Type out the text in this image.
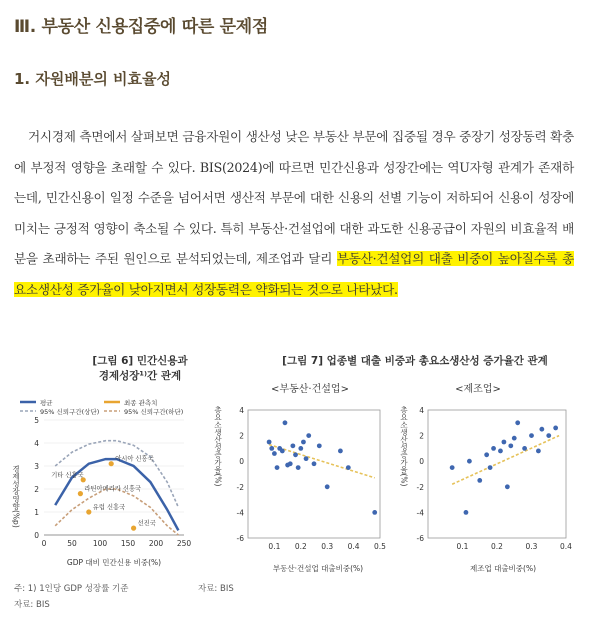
Ⅲ. 부동산 신용집중에 따른 문제점
1. 자원배분의 비효율성

거시경제 측면에서 살펴보면 금융자원이 생산성 낮은 부동산 부문에 집중될 경우 중장기 성장동력 확충에 부정적 영향을 초래할 수 있다. BIS(2024)에 따르면 민간신용과 성장간에는 역U자형 관계가 존재하는데, 민간신용이 일정 수준을 넘어서면 생산적 부문에 대한 신용의 선별 기능이 저하되어 신용이 성장에 미치는 긍정적 영향이 축소될 수 있다. 특히 부동산·건설업에 대한 과도한 신용공급이 자원의 비효율적 배분을 초래하는 주된 원인으로 분석되었는데, 제조업과 달리 부동산·건설업의 대출 비중이 높아질수록 총요소생산성 증가율이 낮아지면서 성장동력은 약화되는 것으로 나타났다.

[그림 6] 민간신용과
경제성장¹⁾간 관계
평균	최종 관측치
95% 신뢰구간(상단)	95% 신뢰구간(하단)
경제성장영향(%p)
0
1
2
3
4
5
0	50 100 150 200 250
아시아 신흥국
기타 신흥국
라틴아메리카 신흥국
유럽 신흥국
선진국
GDP 대비 민간신용 비중(%)
[그림 7] 업종별 대출 비중과 총요소생산성 증가율간 관계
<부동산·건설업>	<제조업>
총요소생산성증가율(%)	총요소생산성증가율(%)
4
2
0
-2
-4
-6
0.1 0.2 0.3 0.4 0.5
4
2
0
-2
-4
-6
0.1	0.2	0.3	0.4
부동산·건설업 대출비중(%)	제조업 대출비중(%)
주: 1) 1인당 GDP 성장률 기준
자료: BIS
자료: BIS
